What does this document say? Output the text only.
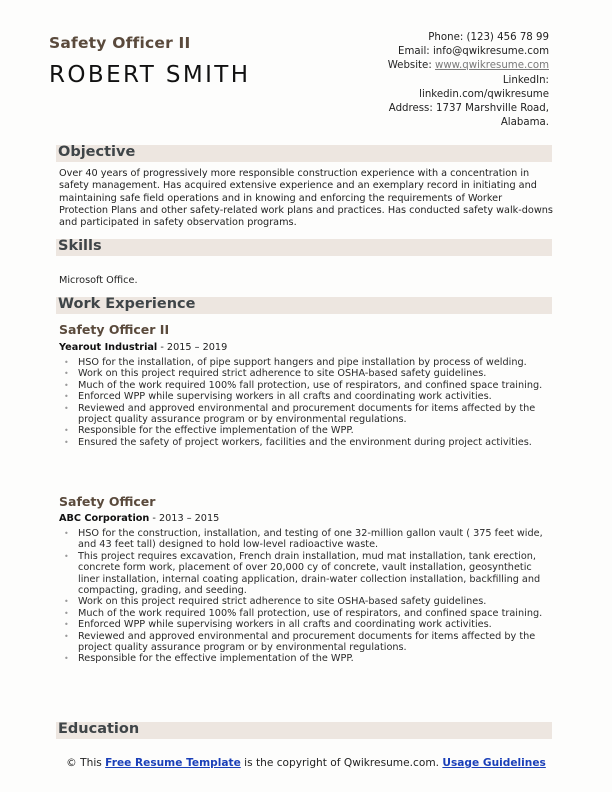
Safety Officer II
ROBERT SMITH
Phone: (123) 456 78 99
Email: info@qwikresume.com
Website: www.qwikresume.com
LinkedIn:
linkedin.com/qwikresume
Address: 1737 Marshville Road,
Alabama.
Objective
Over 40 years of progressively more responsible construction experience with a concentration in safety management. Has acquired extensive experience and an exemplary record in initiating and maintaining safe field operations and in knowing and enforcing the requirements of Worker Protection Plans and other safety-related work plans and practices. Has conducted safety walk-downs and participated in safety observation programs.
Skills
Microsoft Office.
Work Experience
Safety Officer II
Yearout Industrial - 2015 – 2019
• HSO for the installation, of pipe support hangers and pipe installation by process of welding.
• Work on this project required strict adherence to site OSHA-based safety guidelines.
• Much of the work required 100% fall protection, use of respirators, and confined space training.
• Enforced WPP while supervising workers in all crafts and coordinating work activities.
• Reviewed and approved environmental and procurement documents for items affected by the project quality assurance program or by environmental regulations.
• Responsible for the effective implementation of the WPP.
• Ensured the safety of project workers, facilities and the environment during project activities.
Safety Officer
ABC Corporation - 2013 – 2015
• HSO for the construction, installation, and testing of one 32-million gallon vault ( 375 feet wide, and 43 feet tall) designed to hold low-level radioactive waste.
• This project requires excavation, French drain installation, mud mat installation, tank erection, concrete form work, placement of over 20,000 cy of concrete, vault installation, geosynthetic liner installation, internal coating application, drain-water collection installation, backfilling and compacting, grading, and seeding.
• Work on this project required strict adherence to site OSHA-based safety guidelines.
• Much of the work required 100% fall protection, use of respirators, and confined space training.
• Enforced WPP while supervising workers in all crafts and coordinating work activities.
• Reviewed and approved environmental and procurement documents for items affected by the project quality assurance program or by environmental regulations.
• Responsible for the effective implementation of the WPP.
Education
© This Free Resume Template is the copyright of Qwikresume.com. Usage Guidelines
